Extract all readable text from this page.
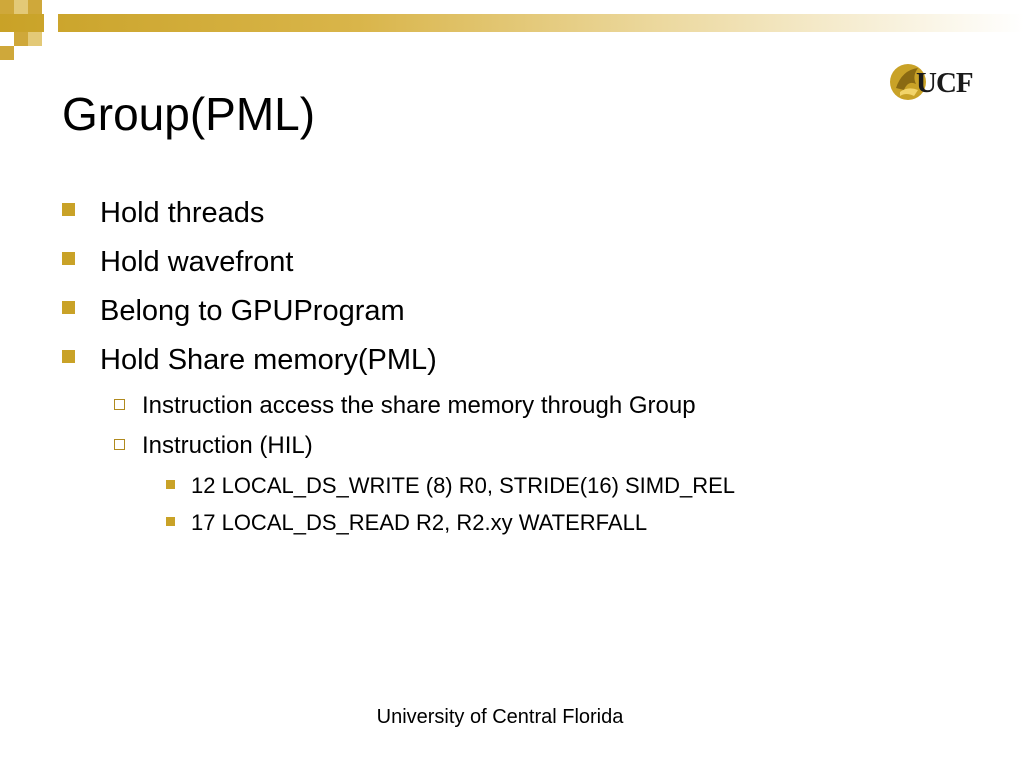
Group(PML)
UCF
Hold threads
Hold wavefront
Belong to GPUProgram
Hold Share memory(PML)
Instruction access the share memory through Group
Instruction (HIL)
12 LOCAL_DS_WRITE (8) R0, STRIDE(16) SIMD_REL
17 LOCAL_DS_READ R2, R2.xy WATERFALL
University of Central Florida
